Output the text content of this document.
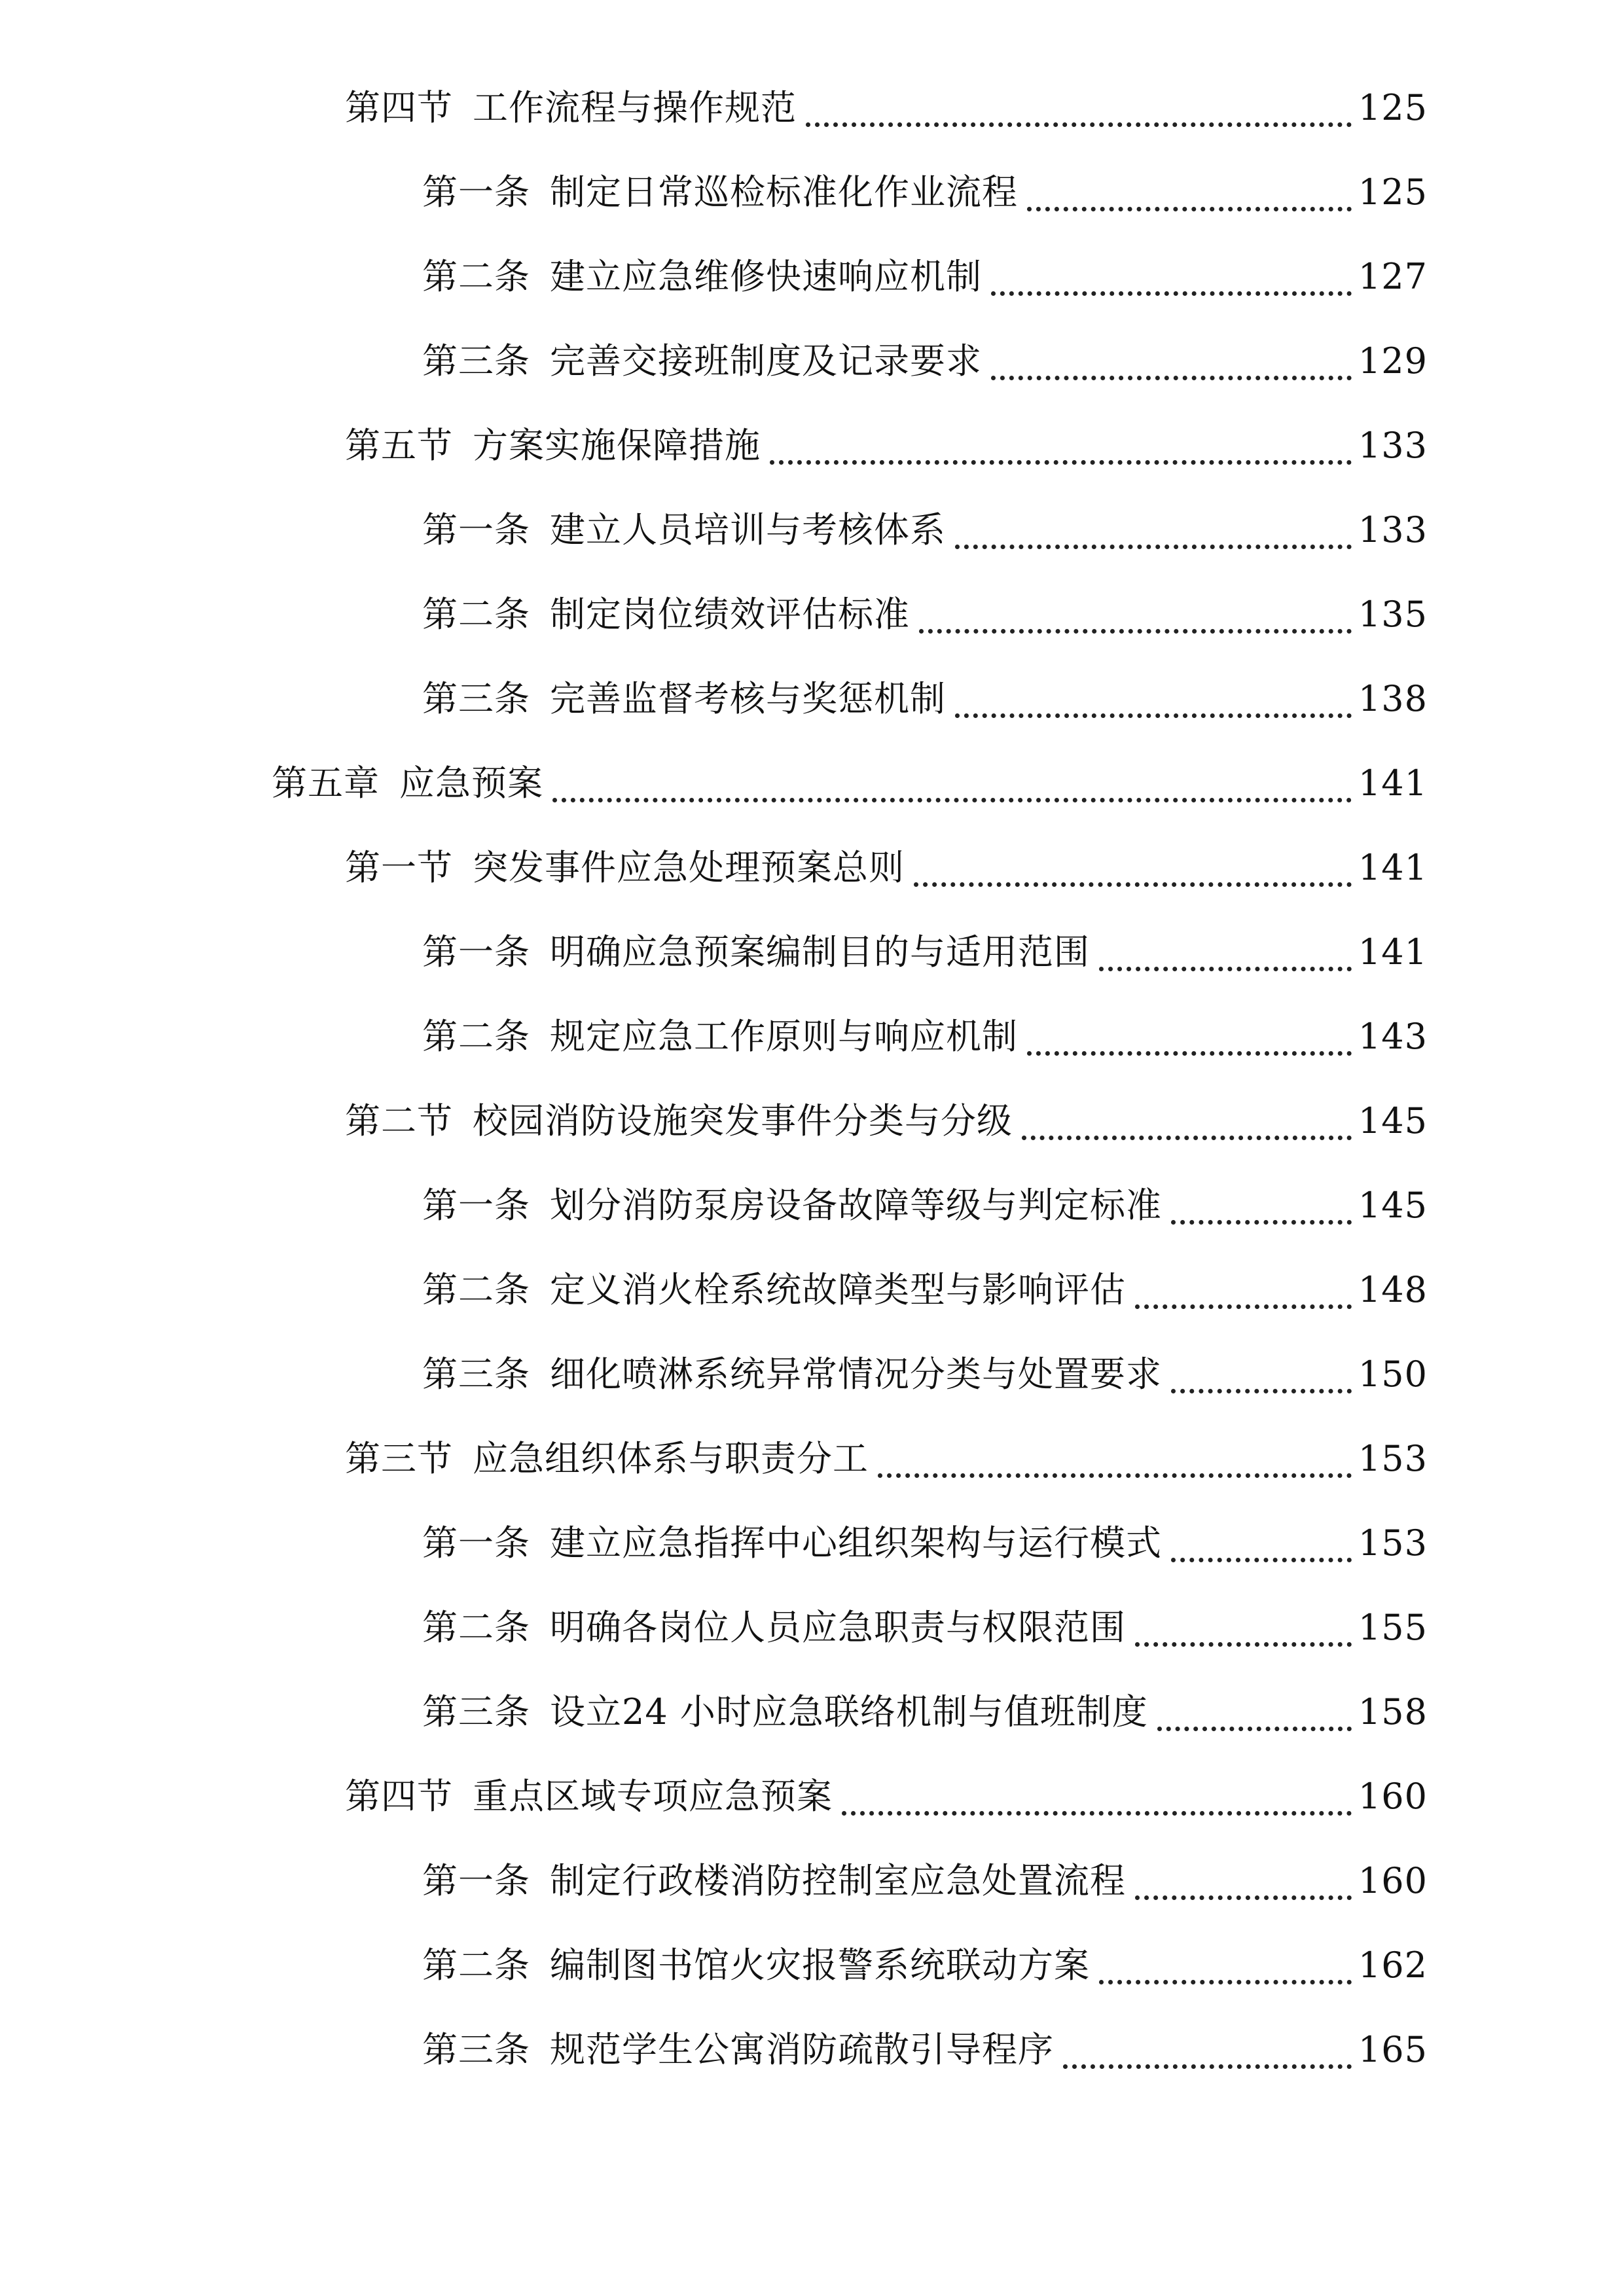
第四节 工作流程与操作规范	125
第一条 制定日常巡检标准化作业流程	125
第二条 建立应急维修快速响应机制	127
第三条 完善交接班制度及记录要求	129
第五节 方案实施保障措施	133
第一条 建立人员培训与考核体系	133
第二条 制定岗位绩效评估标准	135
第三条 完善监督考核与奖惩机制	138
第五章 应急预案	141
第一节 突发事件应急处理预案总则	141
第一条 明确应急预案编制目的与适用范围	141
第二条 规定应急工作原则与响应机制	143
第二节 校园消防设施突发事件分类与分级	145
第一条 划分消防泵房设备故障等级与判定标准	145
第二条 定义消火栓系统故障类型与影响评估	148
第三条 细化喷淋系统异常情况分类与处置要求	150
第三节 应急组织体系与职责分工	153
第一条 建立应急指挥中心组织架构与运行模式	153
第二条 明确各岗位人员应急职责与权限范围	155
第三条 设立24 小时应急联络机制与值班制度	158
第四节 重点区域专项应急预案	160
第一条 制定行政楼消防控制室应急处置流程	160
第二条 编制图书馆火灾报警系统联动方案	162
第三条 规范学生公寓消防疏散引导程序	165
